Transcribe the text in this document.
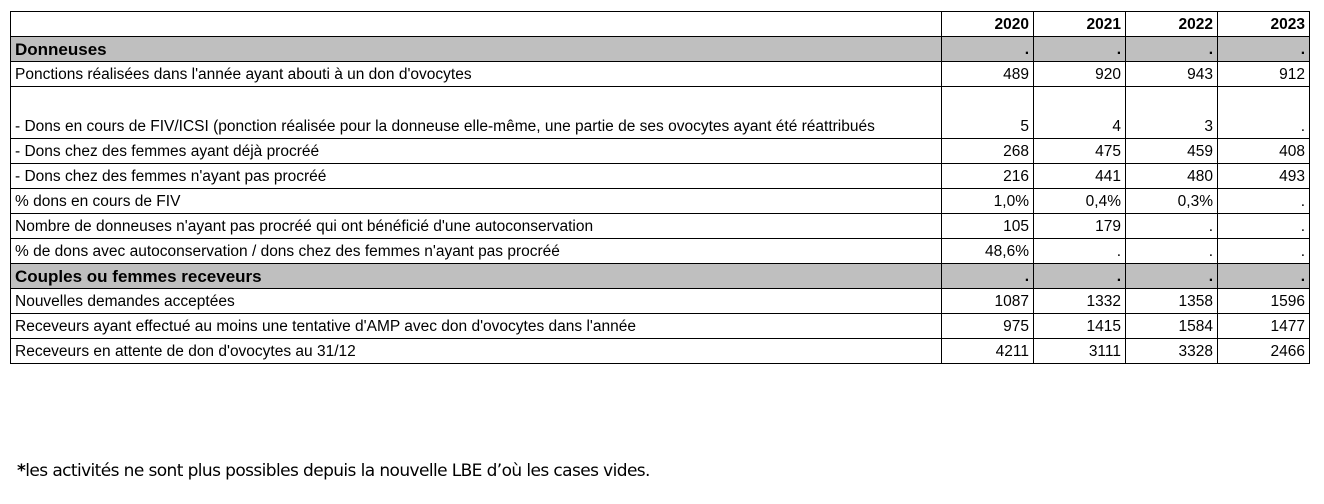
	2020	2021	2022	2023
Donneuses	.	.	.	.
Ponctions réalisées dans l'année ayant abouti à un don d'ovocytes	489	920	943	912
- Dons en cours de FIV/ICSI (ponction réalisée pour la donneuse elle-même, une partie de ses ovocytes ayant été réattribués	5	4	3	.
- Dons chez des femmes ayant déjà procréé	268	475	459	408
- Dons chez des femmes n'ayant pas procréé	216	441	480	493
% dons en cours de FIV	1,0%	0,4%	0,3%	.
Nombre de donneuses n'ayant pas procréé qui ont bénéficié d'une autoconservation	105	179	.	.
% de dons avec autoconservation / dons chez des femmes n'ayant pas procréé	48,6%	.	.	.
Couples ou femmes receveurs	.	.	.	.
Nouvelles demandes acceptées	1087	1332	1358	1596
Receveurs ayant effectué au moins une tentative d'AMP avec don d'ovocytes dans l'année	975	1415	1584	1477
Receveurs en attente de don d'ovocytes au 31/12	4211	3111	3328	2466
*les activités ne sont plus possibles depuis la nouvelle LBE d’où les cases vides.
